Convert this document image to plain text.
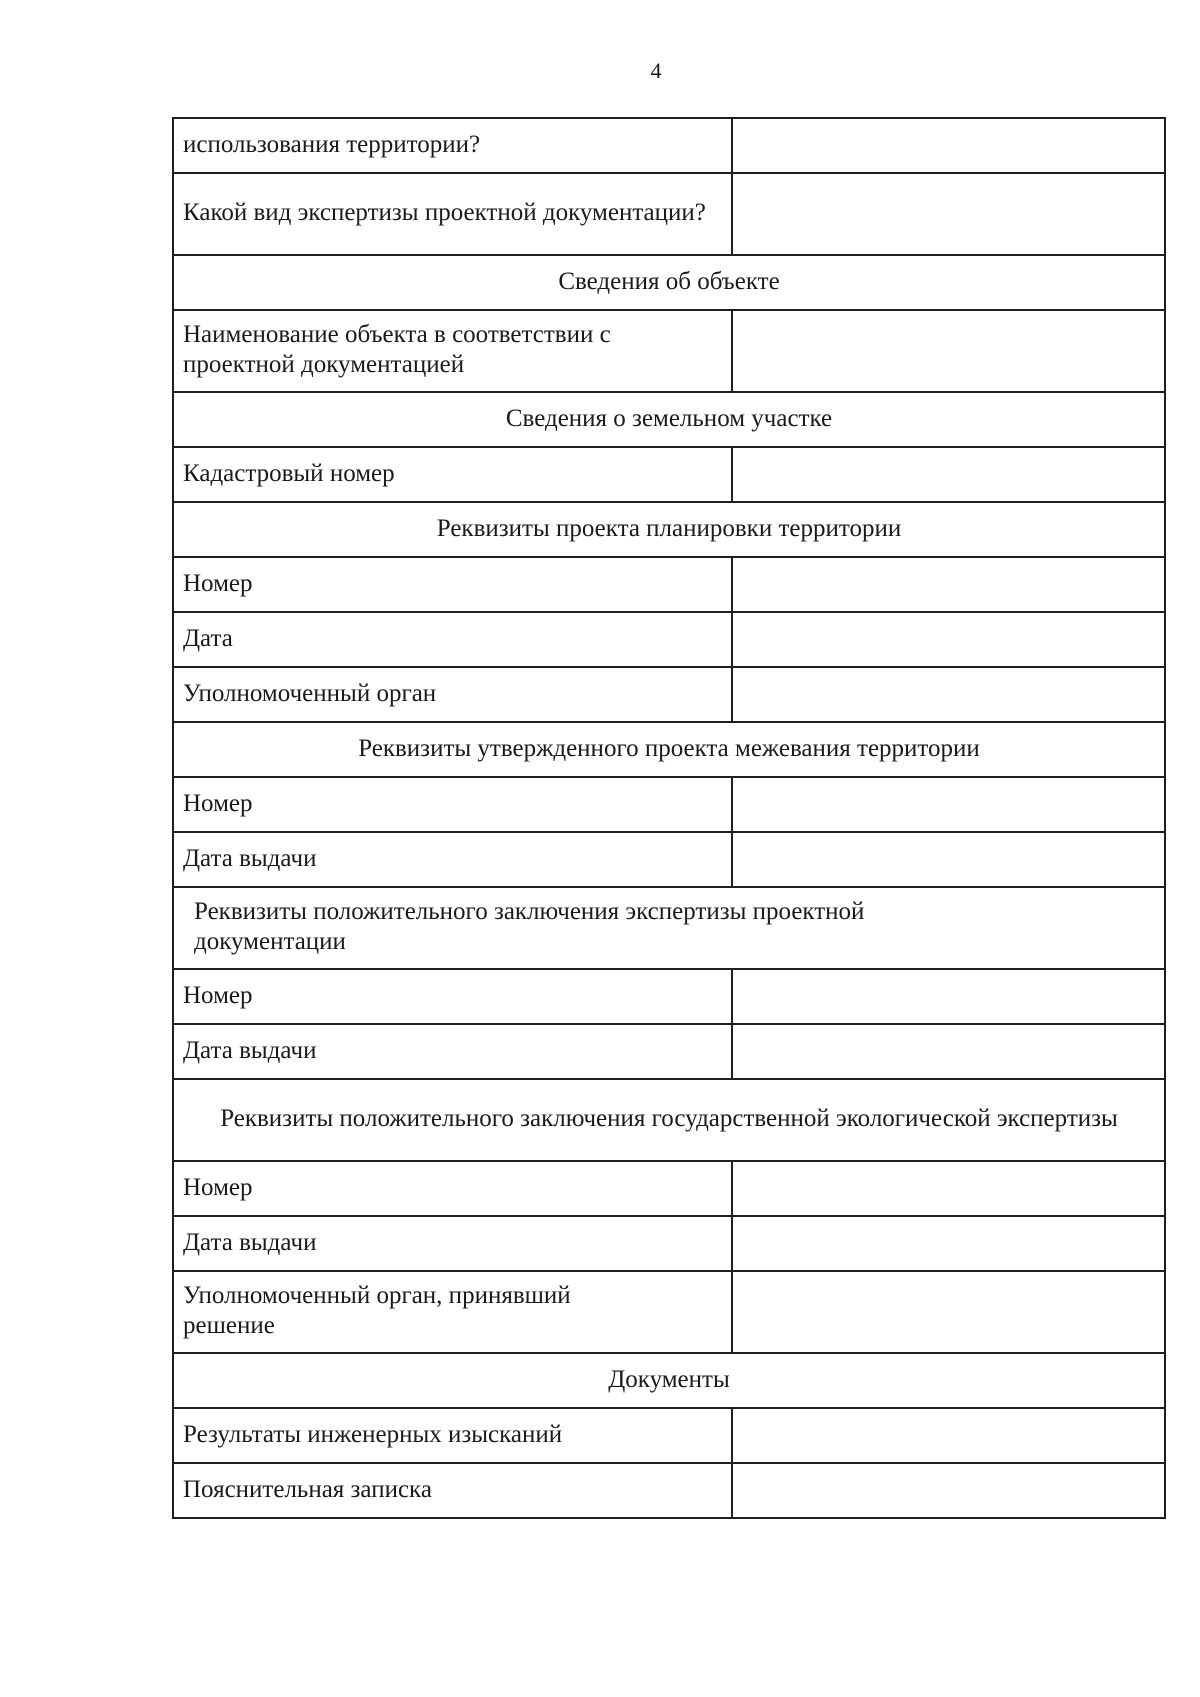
4
использования территории?	
Какой вид экспертизы проектной документации?	
Сведения об объекте	
Наименование объекта в соответствии с проектной документацией	
Сведения о земельном участке	
Кадастровый номер	
Реквизиты проекта планировки территории	
Номер	
Дата	
Уполномоченный орган	
Реквизиты утвержденного проекта межевания территории	
Номер	
Дата выдачи	
Реквизиты положительного заключения экспертизы проектной документации	
Номер	
Дата выдачи	
Реквизиты положительного заключения государственной экологической экспертизы	
Номер	
Дата выдачи	
Уполномоченный орган, принявший решение	
Документы	
Результаты инженерных изысканий	
Пояснительная записка	
